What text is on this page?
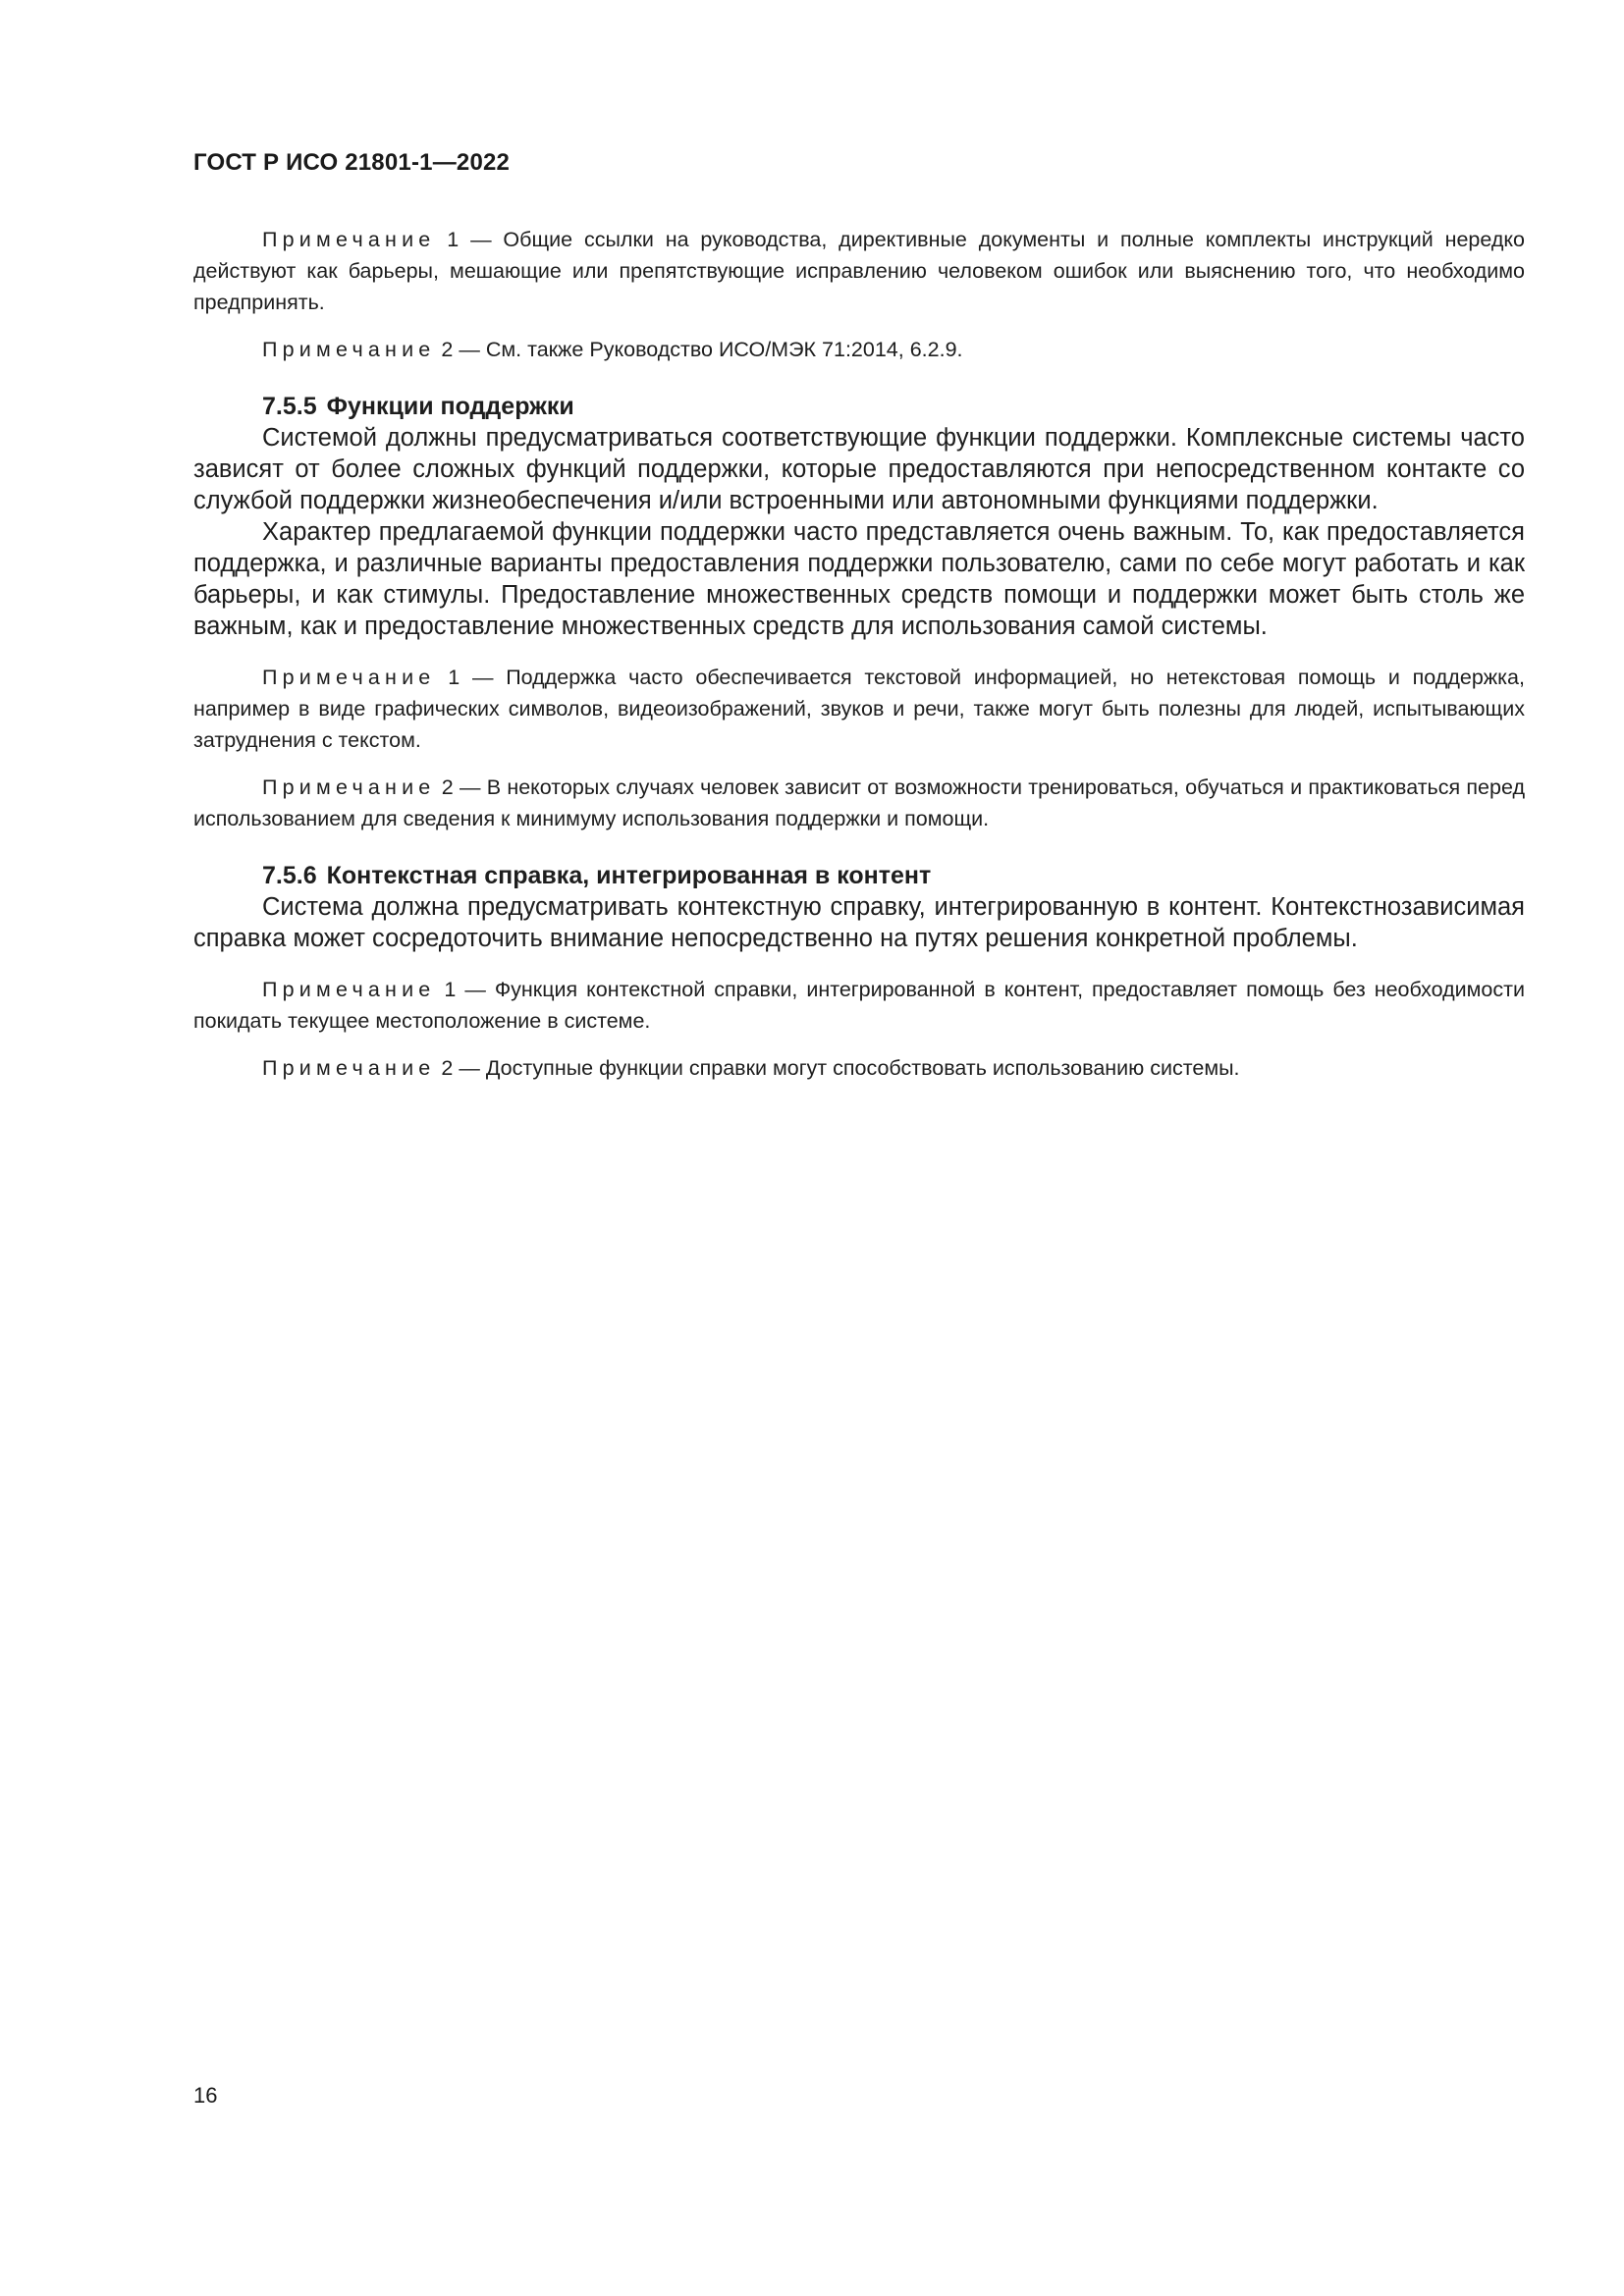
ГОСТ Р ИСО 21801-1—2022

Примечание 1 — Общие ссылки на руководства, директивные документы и полные комплекты инструкций нередко действуют как барьеры, мешающие или препятствующие исправлению человеком ошибок или выяснению того, что необходимо предпринять.

Примечание 2 — См. также Руководство ИСО/МЭК 71:2014, 6.2.9.

7.5.5 Функции поддержки

Системой должны предусматриваться соответствующие функции поддержки. Комплексные системы часто зависят от более сложных функций поддержки, которые предоставляются при непосредственном контакте со службой поддержки жизнеобеспечения и/или встроенными или автономными функциями поддержки.

Характер предлагаемой функции поддержки часто представляется очень важным. То, как предоставляется поддержка, и различные варианты предоставления поддержки пользователю, сами по себе могут работать и как барьеры, и как стимулы. Предоставление множественных средств помощи и поддержки может быть столь же важным, как и предоставление множественных средств для использования самой системы.

Примечание 1 — Поддержка часто обеспечивается текстовой информацией, но нетекстовая помощь и поддержка, например в виде графических символов, видеоизображений, звуков и речи, также могут быть полезны для людей, испытывающих затруднения с текстом.

Примечание 2 — В некоторых случаях человек зависит от возможности тренироваться, обучаться и практиковаться перед использованием для сведения к минимуму использования поддержки и помощи.

7.5.6 Контекстная справка, интегрированная в контент

Система должна предусматривать контекстную справку, интегрированную в контент. Контекстнозависимая справка может сосредоточить внимание непосредственно на путях решения конкретной проблемы.

Примечание 1 — Функция контекстной справки, интегрированной в контент, предоставляет помощь без необходимости покидать текущее местоположение в системе.

Примечание 2 — Доступные функции справки могут способствовать использованию системы.

16
